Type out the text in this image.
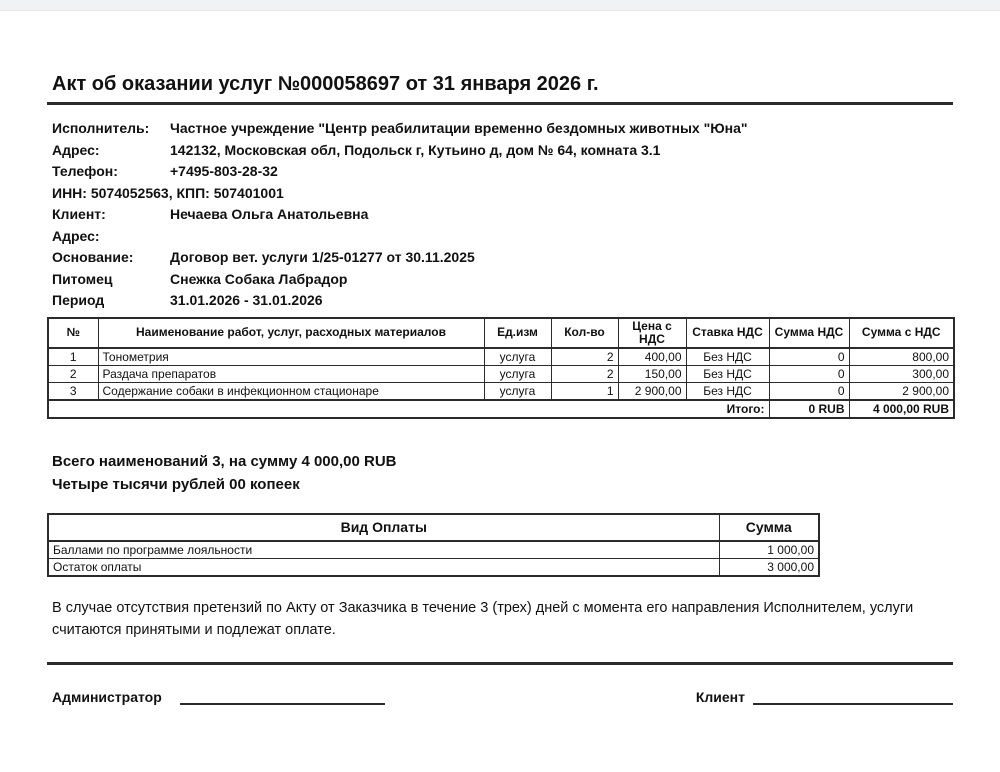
Акт об оказании услуг №000058697 от 31 января 2026 г.
Исполнитель:	Частное учреждение "Центр реабилитации временно бездомных животных "Юна"
Адрес:	142132, Московская обл, Подольск г, Кутьино д, дом № 64, комната 3.1
Телефон:	+7495-803-28-32
ИНН: 5074052563, КПП: 507401001
Клиент:	Нечаева Ольга Анатольевна
Адрес:
Основание:	Договор вет. услуги 1/25-01277 от 30.11.2025
Питомец	Снежка Собака Лабрадор
Период	31.01.2026 - 31.01.2026
№	Наименование работ, услуг, расходных материалов	Ед.изм	Кол-во	Цена с НДС	Ставка НДС	Сумма НДС	Сумма с НДС
1	Тонометрия	услуга	2	400,00	Без НДС	0	800,00
2	Раздача препаратов	услуга	2	150,00	Без НДС	0	300,00
3	Содержание собаки в инфекционном стационаре	услуга	1	2 900,00	Без НДС	0	2 900,00
Итого:						0 RUB	4 000,00 RUB
Всего наименований 3, на сумму 4 000,00 RUB
Четыре тысячи рублей 00 копеек
Вид Оплаты	Сумма
Баллами по программе лояльности	1 000,00
Остаток оплаты	3 000,00

В случае отсутствия претензий по Акту от Заказчика в течение 3 (трех) дней с момента его направления Исполнителем, услуги считаются принятыми и подлежат оплате.

Администратор	Клиент
